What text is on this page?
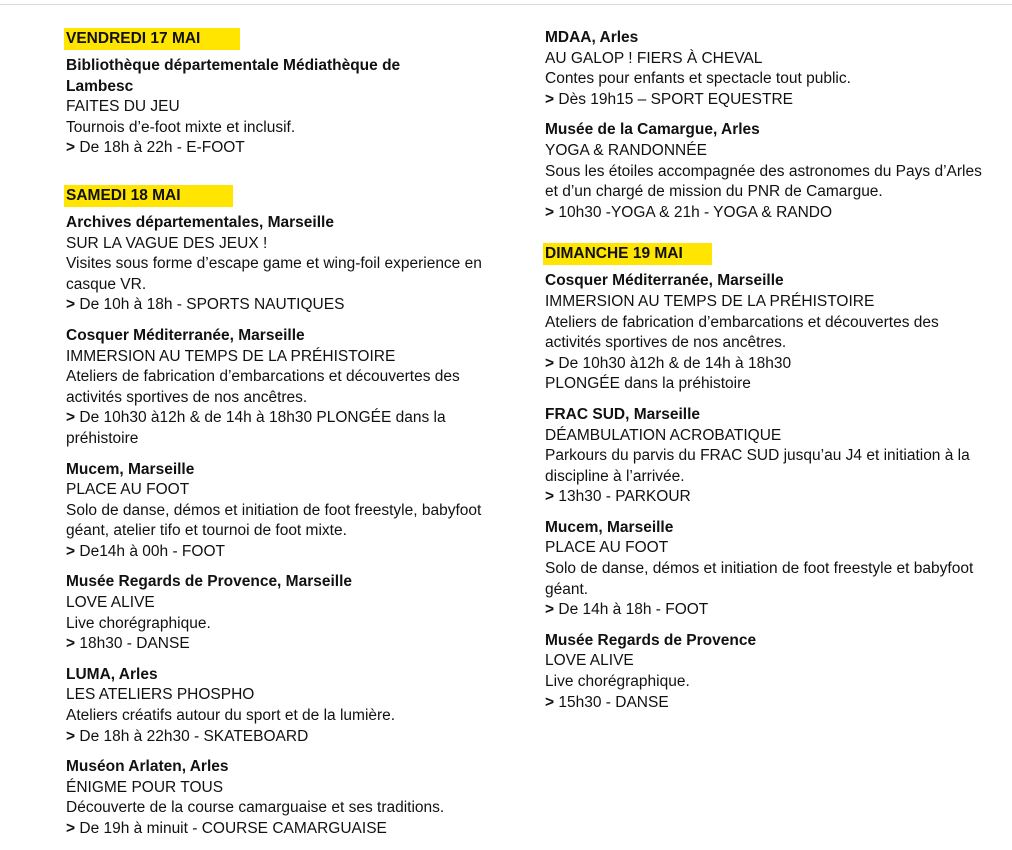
VENDREDI 17 MAI
Bibliothèque départementale Médiathèque de Lambesc
FAITES DU JEU
Tournois d’e-foot mixte et inclusif.
> De 18h à 22h - E-FOOT
SAMEDI 18 MAI
Archives départementales, Marseille
SUR LA VAGUE DES JEUX !
Visites sous forme d’escape game et wing-foil experience en casque VR.
> De 10h à 18h - SPORTS NAUTIQUES
Cosquer Méditerranée, Marseille
IMMERSION AU TEMPS DE LA PRÉHISTOIRE
Ateliers de fabrication d’embarcations et découvertes des activités sportives de nos ancêtres.
> De 10h30 à12h & de 14h à 18h30 PLONGÉE dans la préhistoire
Mucem, Marseille
PLACE AU FOOT
Solo de danse, démos et initiation de foot freestyle, babyfoot géant, atelier tifo et tournoi de foot mixte.
> De14h à 00h - FOOT
Musée Regards de Provence, Marseille
LOVE ALIVE
Live chorégraphique.
> 18h30 - DANSE
LUMA, Arles
LES ATELIERS PHOSPHO
Ateliers créatifs autour du sport et de la lumière.
> De 18h à 22h30 - SKATEBOARD
Muséon Arlaten, Arles
ÉNIGME POUR TOUS
Découverte de la course camarguaise et ses traditions.
> De 19h à minuit - COURSE CAMARGUAISE
MDAA, Arles
AU GALOP ! FIERS À CHEVAL
Contes pour enfants et spectacle tout public.
> Dès 19h15 – SPORT EQUESTRE
Musée de la Camargue, Arles
YOGA & RANDONNÉE
Sous les étoiles accompagnée des astronomes du Pays d’Arles et d’un chargé de mission du PNR de Camargue.
> 10h30 -YOGA & 21h - YOGA & RANDO
DIMANCHE 19 MAI
Cosquer Méditerranée, Marseille
IMMERSION AU TEMPS DE LA PRÉHISTOIRE
Ateliers de fabrication d’embarcations et découvertes des activités sportives de nos ancêtres.
> De 10h30 à12h & de 14h à 18h30
PLONGÉE dans la préhistoire
FRAC SUD, Marseille
DÉAMBULATION ACROBATIQUE
Parkours du parvis du FRAC SUD jusqu’au J4 et initiation à la discipline à l’arrivée.
> 13h30 - PARKOUR
Mucem, Marseille
PLACE AU FOOT
Solo de danse, démos et initiation de foot freestyle et babyfoot géant.
> De 14h à 18h - FOOT
Musée Regards de Provence
LOVE ALIVE
Live chorégraphique.
> 15h30 - DANSE
